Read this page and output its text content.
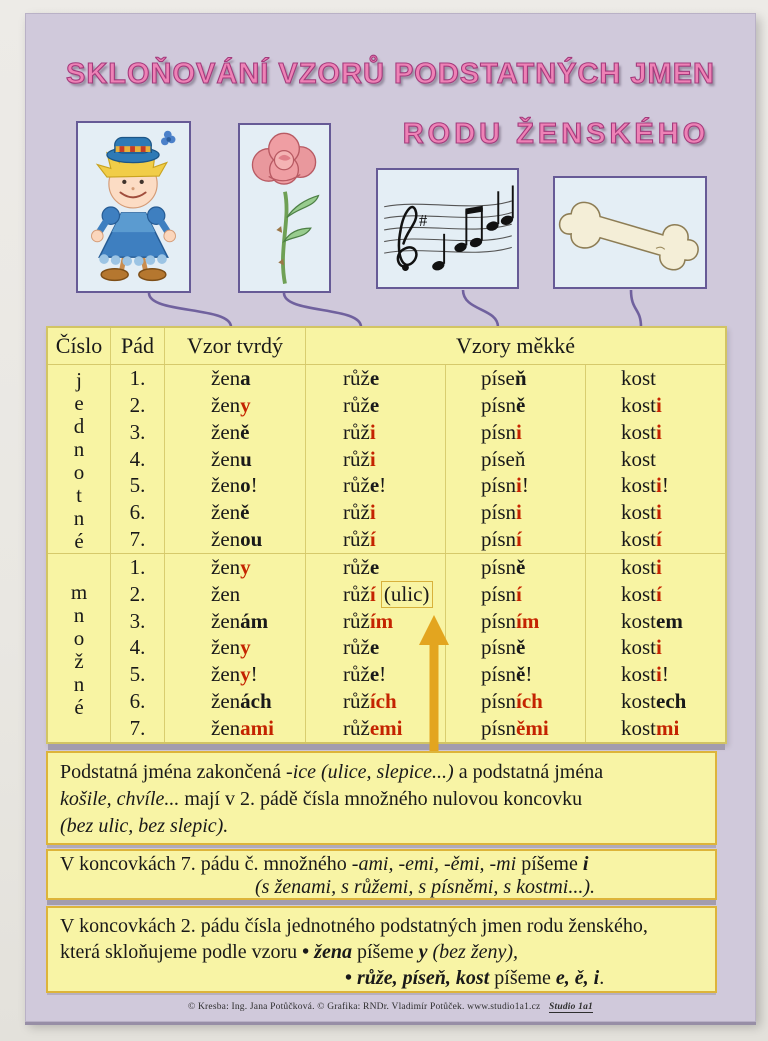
SKLOŇOVÁNÍ VZORŮ PODSTATNÝCH JMEN
RODU ŽENSKÉHO
#
Číslo Pád	Vzor tvrdý	Vzory měkké
j
e
d
n
o
t
n
é
1.	žena	růže	píseň	kost
2.	ženy	růže	písně	kosti
3.	ženě	růži	písni	kosti
4.	ženu	růži	píseň	kost
5.	ženo!	růže!	písni!	kosti!
6.	ženě	růži	písni	kosti
7.	ženou	růží	písní	kostí
m
n
o
ž
n
é
1.	ženy	růže	písně	kosti
2.	žen	růží (ulic)	písní	kostí
3.	ženám	růžím	písním	kostem
4.	ženy	růže	písně	kosti
5.	ženy!	růže!	písně!	kosti!
6.	ženách	růžích	písních	kostech
7.	ženami	růžemi	písněmi	kostmi
Podstatná jména zakončená -ice (ulice, slepice...) a podstatná jména
košile, chvíle... mají v 2. pádě čísla množného nulovou koncovku
(bez ulic, bez slepic).
V koncovkách 7. pádu č. množného -ami, -emi, -ěmi, -mi píšeme i
(s ženami, s růžemi, s písněmi, s kostmi...).
V koncovkách 2. pádu čísla jednotného podstatných jmen rodu ženského,
která skloňujeme podle vzoru • žena píšeme y (bez ženy),
• růže, píseň, kost píšeme e, ě, i.
© Kresba: Ing. Jana Potůčková. © Grafika: RNDr. Vladimír Potůček. www.studio1a1.cz Studio 1a1
